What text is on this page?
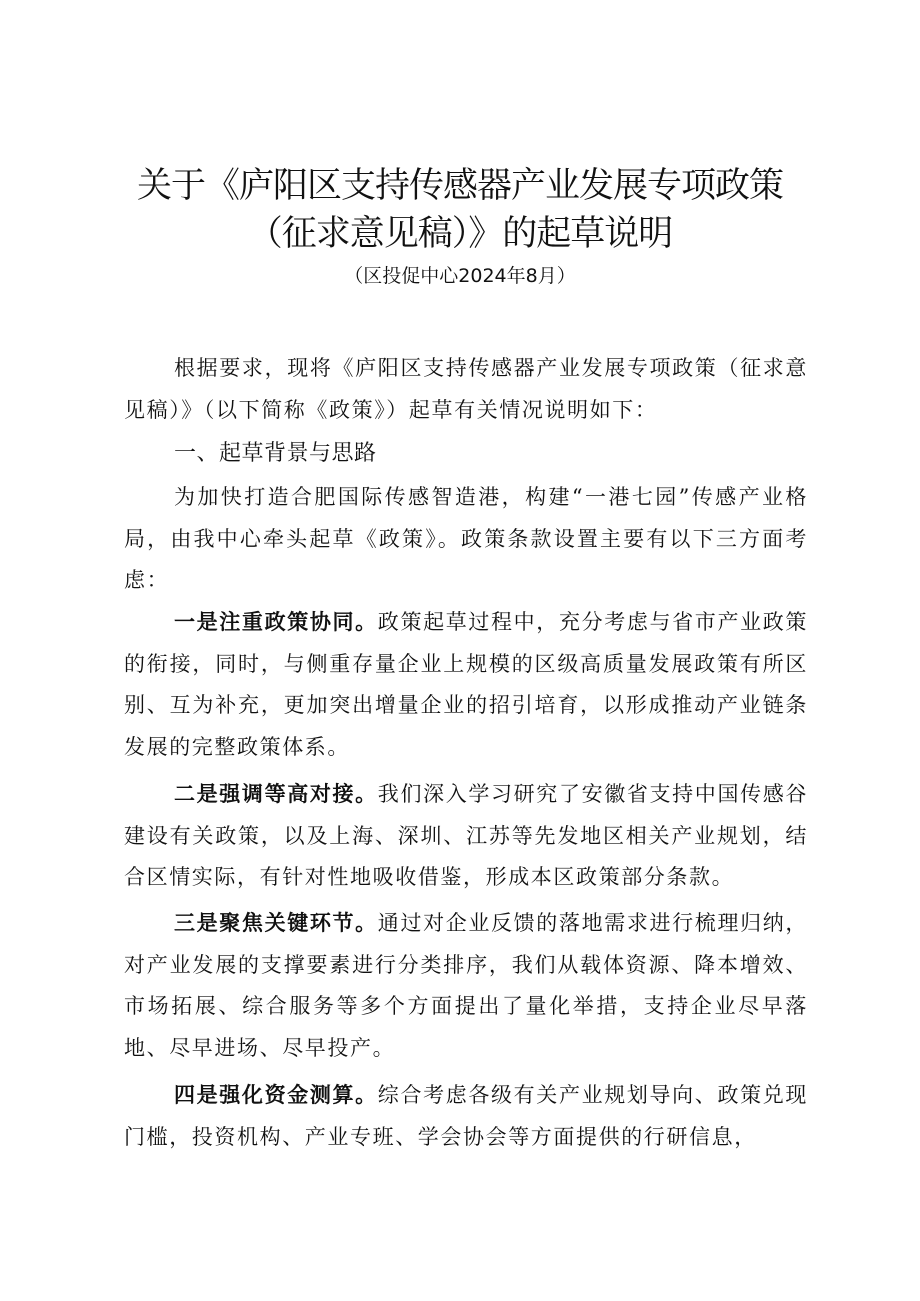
关于《庐阳区支持传感器产业发展专项政策
（征求意见稿）》的起草说明
（区投促中心2024年8月）

根据要求，现将《庐阳区支持传感器产业发展专项政策（征求意见稿）》（以下简称《政策》）起草有关情况说明如下：

一、起草背景与思路

为加快打造合肥国际传感智造港，构建“一港七园”传感产业格局，由我中心牵头起草《政策》。政策条款设置主要有以下三方面考虑：

一是注重政策协同。政策起草过程中，充分考虑与省市产业政策的衔接，同时，与侧重存量企业上规模的区级高质量发展政策有所区别、互为补充，更加突出增量企业的招引培育，以形成推动产业链条发展的完整政策体系。

二是强调等高对接。我们深入学习研究了安徽省支持中国传感谷建设有关政策，以及上海、深圳、江苏等先发地区相关产业规划，结合区情实际，有针对性地吸收借鉴，形成本区政策部分条款。

三是聚焦关键环节。通过对企业反馈的落地需求进行梳理归纳，对产业发展的支撑要素进行分类排序，我们从载体资源、降本增效、市场拓展、综合服务等多个方面提出了量化举措，支持企业尽早落地、尽早进场、尽早投产。

四是强化资金测算。综合考虑各级有关产业规划导向、政策兑现门槛，投资机构、产业专班、学会协会等方面提供的行研信息，
